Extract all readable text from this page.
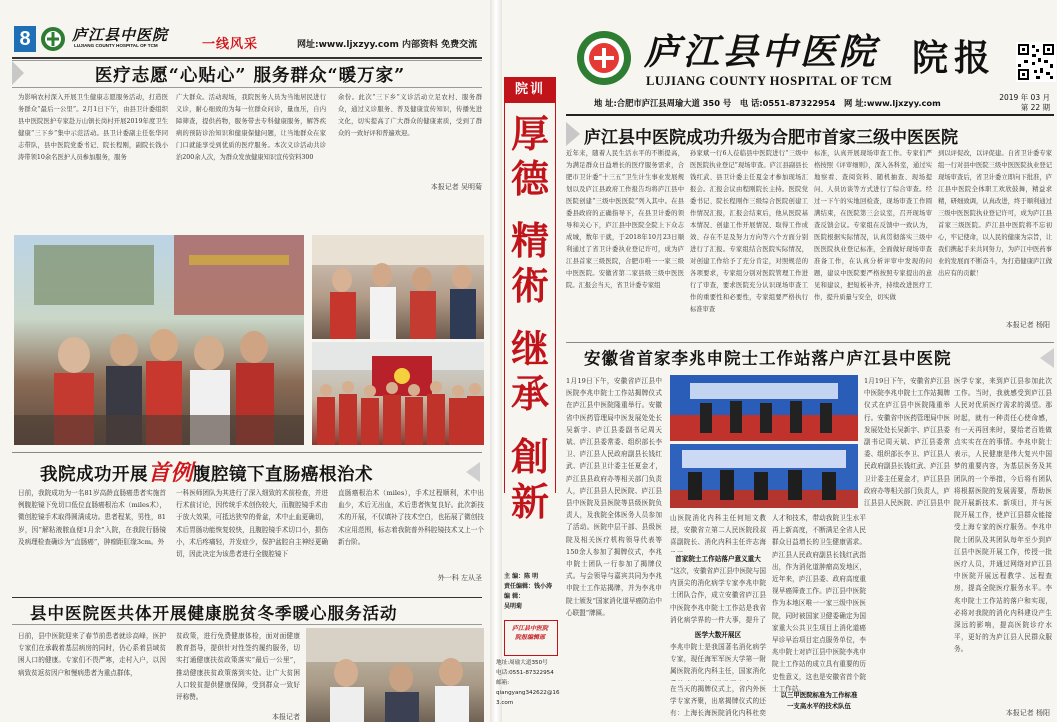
8	庐江县中医院
LUJIANG COUNTY HOSPITAL OF TCM	一线风采	网址:www.ljxzyy.com 内部资料 免费交流
医疗志愿“心贴心” 服务群众“暖万家”
为影响农村深入开展卫生健康志愿服务活动，打造医务群众“最后一公里”。2月1日下午，由县卫计委组织县中医院医护专家赴万山镇长岗村开展2019年度卫生健康“三下乡”集中示范活动。县卫计委副主任张华同志带队，县中医院党委书记、院长程刚，副院长钱小涛带领10余名医护人员参加服务，服务
广大群众。活动现场，我院医务人员为当地居民进行义诊，耐心细致的为每一位群众问诊，量血压，自内障筛查，提供药物，服务带去专科健康服务，解答疾病的预防诊治知识和健康保健问题，让当地群众在家门口就能享受到优质的医疗服务。本次义诊活动共诊治200余人次，为群众发放健康知识宣传资料300
余份。此次“三下乡”义诊活动立足农村、服务群众，通过义诊服务、普及健康宣传知识，传播先进文化，切实提高了广大群众的健康素质，受到了群众的一致好评和普遍欢迎。
本报记者 吴明菊
我院成功开展首例腹腔镜下直肠癌根治术
日前，我院成功为一名81岁高龄直肠癌患者实施首例腹腔镜下免切口低位直肠癌根治术（miles术），微创腔镜手术取得圆满成功。患者程某，男性，81岁，因“解粘液脓血便1月余”入院，在我院行肠镜及病理检查确诊为“直肠癌”，肿瘤距肛缘3cm。外
一科医师团队为其进行了深入细致的术前检查，并进行术前讨论，因传统手术创伤较大，而腹腔镜手术由于放大效果，可抵达狭窄的骨盆，术中止血更确切，术后胃肠功能恢复较快，且腹腔镜手术切口小，损伤小，术后疼痛轻，并发症少，保护盆腔自主神经更确切，因此决定为该患者进行全腹腔镜下
直肠癌根治术（miles），手术过程顺利，术中出血少，术后无出血，术后患者恢复良好。此次新技术的开展，不仅填补了技术空白，也拓展了微创技术应用范围，标志着我院普外科腔镜技术又上一个新台阶。
外一科 左从圣
县中医院医共体开展健康脱贫冬季暖心服务活动
日前，县中医院迎来了春节前患者就诊高峰，医护专家们在承载着基层病房的同时，仍心系着县域贫困人口的健康。专家们不畏严寒，走村入户，以因病致贫返贫因户和慢病患者为重点群体，
贫政策，进行免费健康体检，面对面健康教育指导，提供针对性签约履约服务，切实打通健康扶贫政策落实“最后一公里”，推动健康扶贫政策落到实处。让广大贫困人口较贫提供健康保障，受到群众一致好评称赞。
本报记者
院训
厚
德
精
術
继
承
創
新
主 编：陈 明
责任编辑：钱小涛
编 辑：
吴明菊
庐江县中医院
院报编辑部
地址:周瑜大道350号
电话:0551-87322954
邮箱:
qiangyang342622@163.com
庐江县中医院
LUJIANG COUNTY HOSPITAL OF TCM
院报
地 址:合肥市庐江县周瑜大道 350 号   电 话:0551-87322954   网 址:www.ljxzyy.com
2019 年 03 月
第 22 期
庐江县中医院成功升级为合肥市首家三级中医医院
近年来，随着人民生活水平的不断提高，为满足群众日益增长的医疗服务需求，合肥市卫计委“十三五”卫生计生事业发展规划以及庐江县政府工作报告均将庐江县中医院创建“三级中医医院”列入其中。在县委县政府的正确指导下，在县卫计委的领导和关心下，庐江县中医院全院上下众志成城，数年干就，于2018年10月23日顺利通过了省卫计委执业登记许可，成为庐江县首家三级医院，合肥市唯一一家三级中医医院。安徽省第二家县级三级中医医院。汇报会当天，省卫计委专家组
孙家斌一行6人莅临县中医院进行“三级中医医院执业登记”现场审查。庐江县副县长钱红武、县卫计委主任夏金才参加现场汇报会。汇报会议由程刚院长主持。医院党委书记、院长程刚作三级综合医院创建工作情况汇报，汇报会结束后，他从医院基本情况、创建工作开展情况、取得工作成效、存在不足及努力方向等六个方面分别进行了汇报。专家组结合医院实际情况，对创建工作给予了充分肯定，对照规范的各项要求，专家组分别对医院管理工作进行了审查，要求医院充分认识现场审查工作的重要性和必要性，专家组要严格执行标准审查
标准，认真开展现场审查工作。专家们严格按照《评审细则》，深入各科室，通过实地察看、查阅资料、随机抽查、现场提问、人员访谈等方式进行了综合审查。经过一下午的实地回检查，现场审查工作圆满结束，在医院第三会议室，召开现场审查反馈会议。专家组在反馈中一致认为，医院根据实际情况，认真贯彻落实三级中医医院执业登记标准，全面做好现场审查准备工作，在认真分析评审中发现的问题，建议中医院要严格按照专家提出的意见和建议，把短板补齐，持续改进医疗工作，提升质量与安全，切实做
到以评促改，以评促建。自省卫计委专家组一行对县中医院三级中医医院执业登记现场审查后，省卫计委立即向下批准，庐江县中医院全体职工欢欣鼓舞，精益求精，研细致调，认真改进，终于顺利通过三级中医医院执业登记许可，成为庐江县首家三级医院。庐江县中医院将不忘初心，牢记使命，以人民的健康为宗旨，让我们携起手来共同努力，为庐江中医药事业的发展而不断奋斗，为打造健康庐江做出应有的贡献！
本报记者 杨阳
安徽省首家李兆申院士工作站落户庐江县中医院
1月19日下午，安徽省庐江县中医院李兆申院士工作站揭牌仪式在庐江县中医院隆重举行。安徽省中医药管理局中医发展处处长吴新宇、庐江县委副书记周天斌、庐江县委常委、组织部长李卫、庐江县人民政府副县长钱红武、庐江县卫计委主任夏金才，庐江县县政府办等相关部门负责人，庐江县县人民医院、庐江县县中医院及县医院等县级医院负责人，及我院全体医务人员参加了活动。医院中层干部、县级医院及相关医疗机构领导代表等150余人参加了揭牌仪式，李兆申院士团队一行参加了揭牌仪式。与会领导与嘉宾共同为李兆申院士工作站揭牌，并为李兆申院士颁发“国家消化道早癌防治中心联盟”牌匾。
山医院消化内科主任何旭文教授，安徽省立第二人民医院段叔喜副院长、消化内科主任许志海
首家院士工作站落户意义重大
“这次，安徽省庐江县中医院与国内顶尖的消化病学专家李兆申院士团队合作，成立安徽省庐江县中医院李兆申院士工作站是我省消化病学界的一件大事，提升了
医学大数开展区
李兆申院士是我国著名消化病学专家，现任海军军医大学第一附属医院消化内科主任，国家消化
在当天的揭牌仪式上，省内外医学专家齐聚，出席揭牌仪式的还有：上海长海医院消化内科杜奕
人才和技术，带动我院卫生水平再上新高度，不断满足全省人民群众日益增长的卫生健康需求。庐江县人民政府副县长钱红武指出，作为消化道肿瘤高发地区，近年来，庐江县委、政府高度重视早癌筛查工作。庐江县中医院作为本地区唯一一家三级中医医院，同时被国家卫健委确定为国家重大公共卫生项目上消化道癌早诊早治项目定点服务单位，李兆申院士对庐江县中医院李兆申院士工作站的成立具有重要的历史性意义，这也是安徽省首个院士工作站。
1月19日下午，安徽省庐江县中医院李兆申院士工作站揭牌仪式在庐江县中医院隆重举行。安徽省中医药管理局中医发展处处长吴新宇、庐江县委副书记周天斌、庐江县委常委、组织部长李卫、庐江县人民政府副县长钱红武、庐江县卫计委主任夏金才，庐江县县政府办等相关部门负责人，庐江县县人民医院、庐江县县中
医学专家，来到庐江县参加此次工作。当时，我就感受到庐江县人民对优质医疗需求的渴望。那时起，就有一种责任心使命感，有一天再回来时，要给老百姓做点实实在在的事情。李兆申院士表示，人民健康是伟大复兴中国梦的重要内容，为基层医务及其团队的一个举措，今后将有团队将根据医院的发展需要，帮助医院开展新技术、新项目，并与医院开展工作，使庐江县群众能接受上海专家的医疗服务。李兆申院士团队及其团队每年至少到庐江县中医院开展工作，传授一批医疗人员，并通过网络对庐江县中医院开展远程教学、远程查房，提高全院医疗服务水平。李兆申院士工作站的落户和实现，必将对我院的消化内科建设产生深远的影响，提高医院诊疗水平，更好的为庐江县人民群众服务。
以三甲医院标准为工作标准
一支高水平的技术队伍
本报记者 杨阳
